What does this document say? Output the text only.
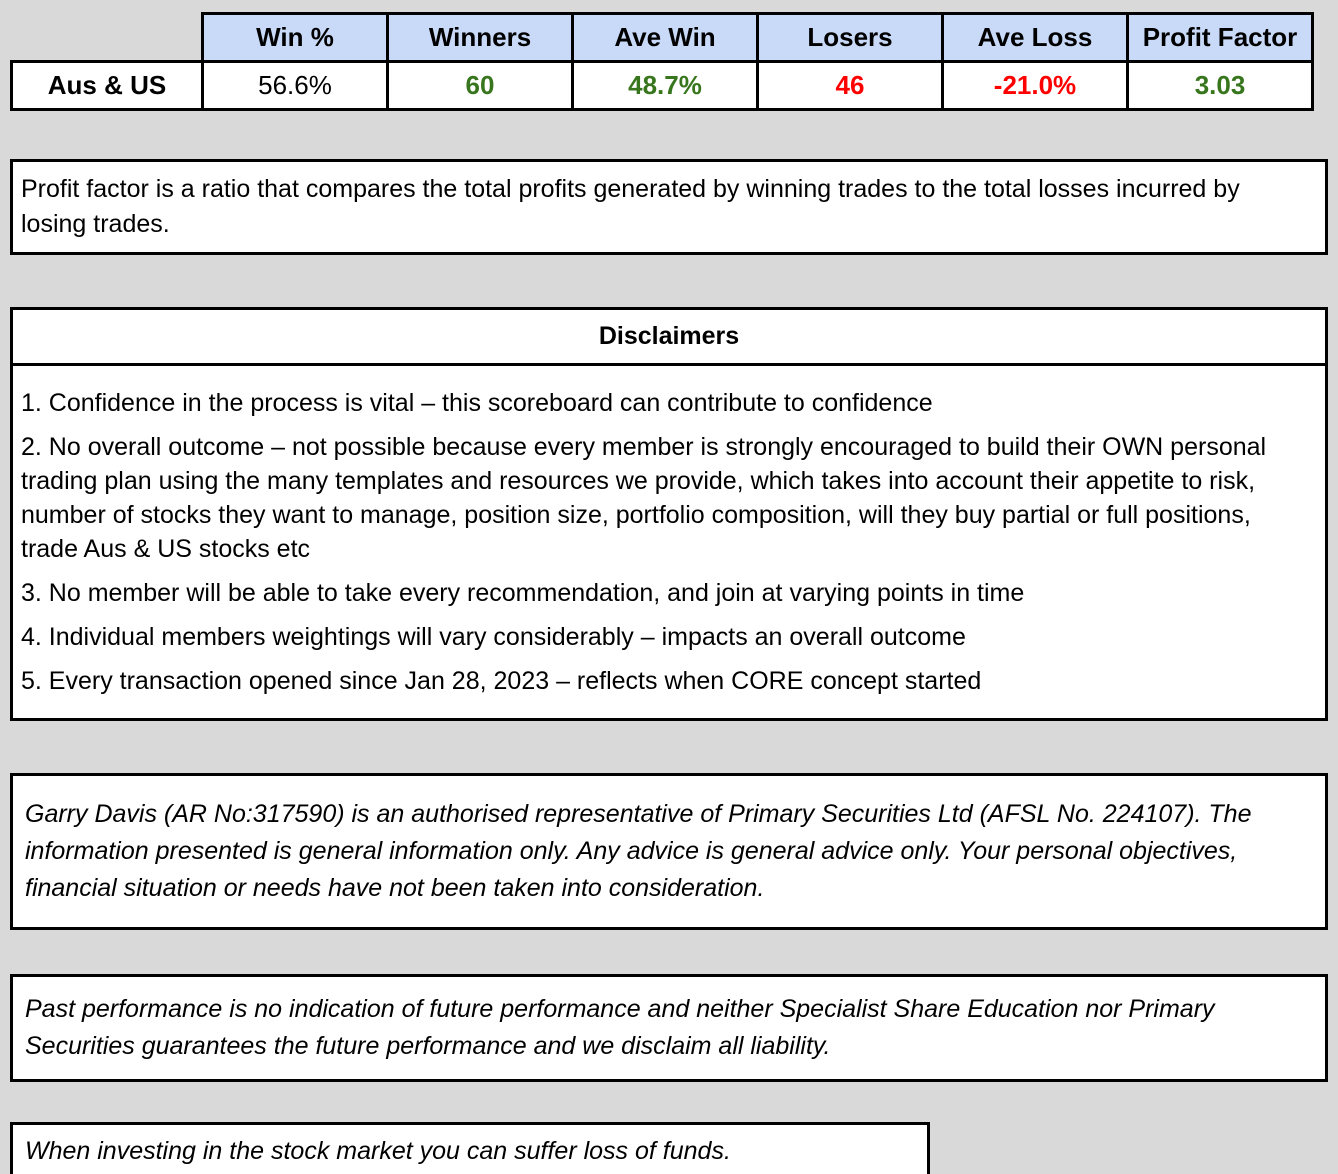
	Win %	Winners	Ave Win	Losers	Ave Loss	Profit Factor
Aus & US	56.6%	60	48.7%	46	-21.0%	3.03

Profit factor is a ratio that compares the total profits generated by winning trades to the total losses incurred by losing trades.

Disclaimers

1. Confidence in the process is vital – this scoreboard can contribute to confidence

2. No overall outcome – not possible because every member is strongly encouraged to build their OWN personal trading plan using the many templates and resources we provide, which takes into account their appetite to risk, number of stocks they want to manage, position size, portfolio composition, will they buy partial or full positions, trade Aus & US stocks etc

3. No member will be able to take every recommendation, and join at varying points in time

4. Individual members weightings will vary considerably – impacts an overall outcome

5. Every transaction opened since Jan 28, 2023 – reflects when CORE concept started

Garry Davis (AR No:317590) is an authorised representative of Primary Securities Ltd (AFSL No. 224107). The information presented is general information only. Any advice is general advice only. Your personal objectives, financial situation or needs have not been taken into consideration.

Past performance is no indication of future performance and neither Specialist Share Education nor Primary Securities guarantees the future performance and we disclaim all liability.

When investing in the stock market you can suffer loss of funds.
